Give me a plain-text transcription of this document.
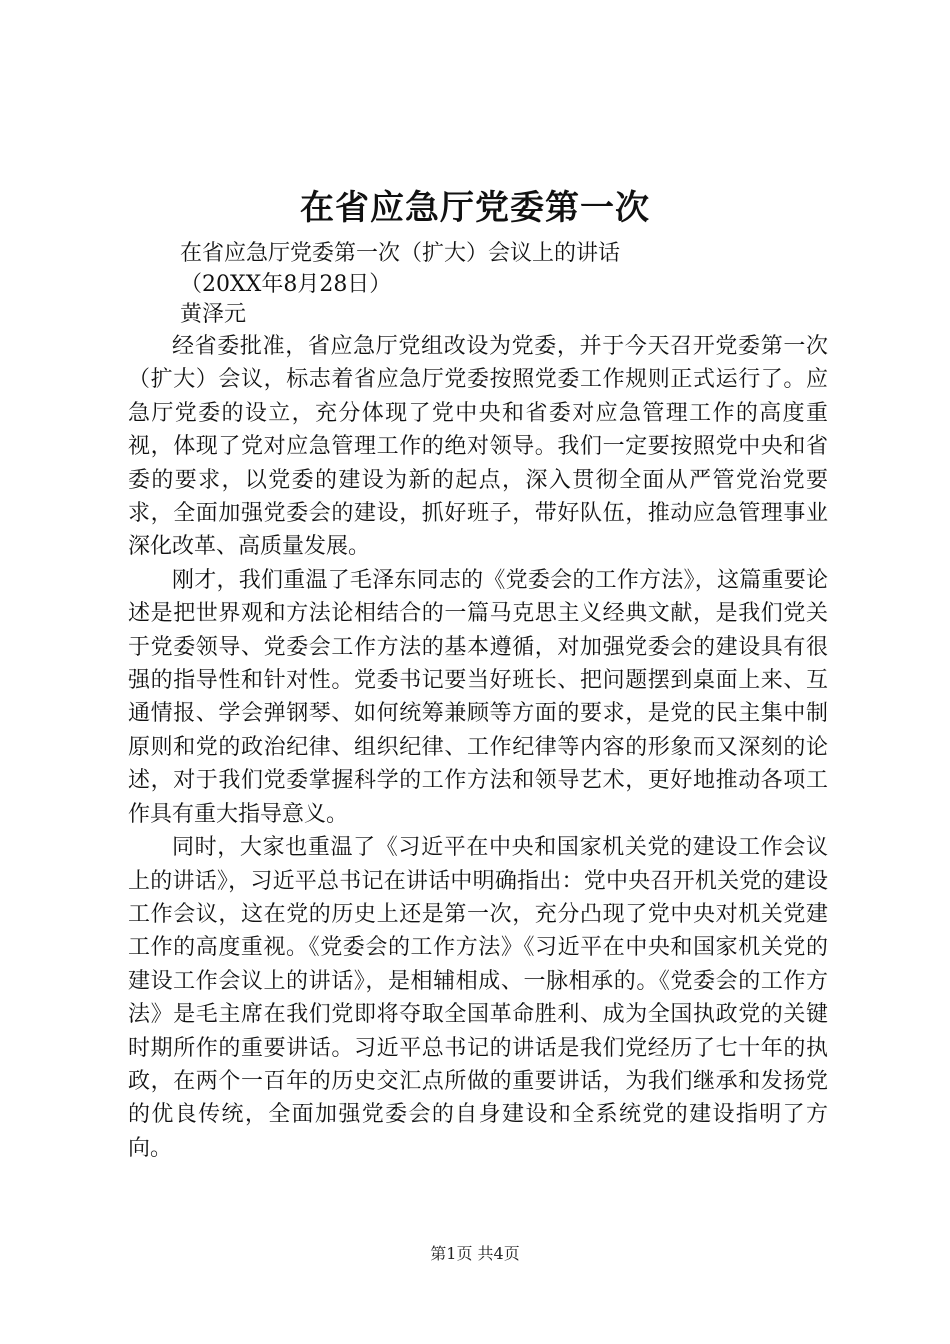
在省应急厅党委第一次

在省应急厅党委第一次（扩大）会议上的讲话

（20XX年8月28日）

黄泽元

经省委批准，省应急厅党组改设为党委，并于今天召开党委第一次（扩大）会议，标志着省应急厅党委按照党委工作规则正式运行了。应急厅党委的设立，充分体现了党中央和省委对应急管理工作的高度重视，体现了党对应急管理工作的绝对领导。我们一定要按照党中央和省委的要求，以党委的建设为新的起点，深入贯彻全面从严管党治党要求，全面加强党委会的建设，抓好班子，带好队伍，推动应急管理事业深化改革、高质量发展。

刚才，我们重温了毛泽东同志的《党委会的工作方法》，这篇重要论述是把世界观和方法论相结合的一篇马克思主义经典文献，是我们党关于党委领导、党委会工作方法的基本遵循，对加强党委会的建设具有很强的指导性和针对性。党委书记要当好班长、把问题摆到桌面上来、互通情报、学会弹钢琴、如何统筹兼顾等方面的要求，是党的民主集中制原则和党的政治纪律、组织纪律、工作纪律等内容的形象而又深刻的论述，对于我们党委掌握科学的工作方法和领导艺术，更好地推动各项工作具有重大指导意义。

同时，大家也重温了《习近平在中央和国家机关党的建设工作会议上的讲话》，习近平总书记在讲话中明确指出：党中央召开机关党的建设工作会议，这在党的历史上还是第一次，充分凸现了党中央对机关党建工作的高度重视。《党委会的工作方法》《习近平在中央和国家机关党的建设工作会议上的讲话》，是相辅相成、一脉相承的。《党委会的工作方法》是毛主席在我们党即将夺取全国革命胜利、成为全国执政党的关键时期所作的重要讲话。习近平总书记的讲话是我们党经历了七十年的执政，在两个一百年的历史交汇点所做的重要讲话，为我们继承和发扬党的优良传统，全面加强党委会的自身建设和全系统党的建设指明了方向。

第1页 共4页
